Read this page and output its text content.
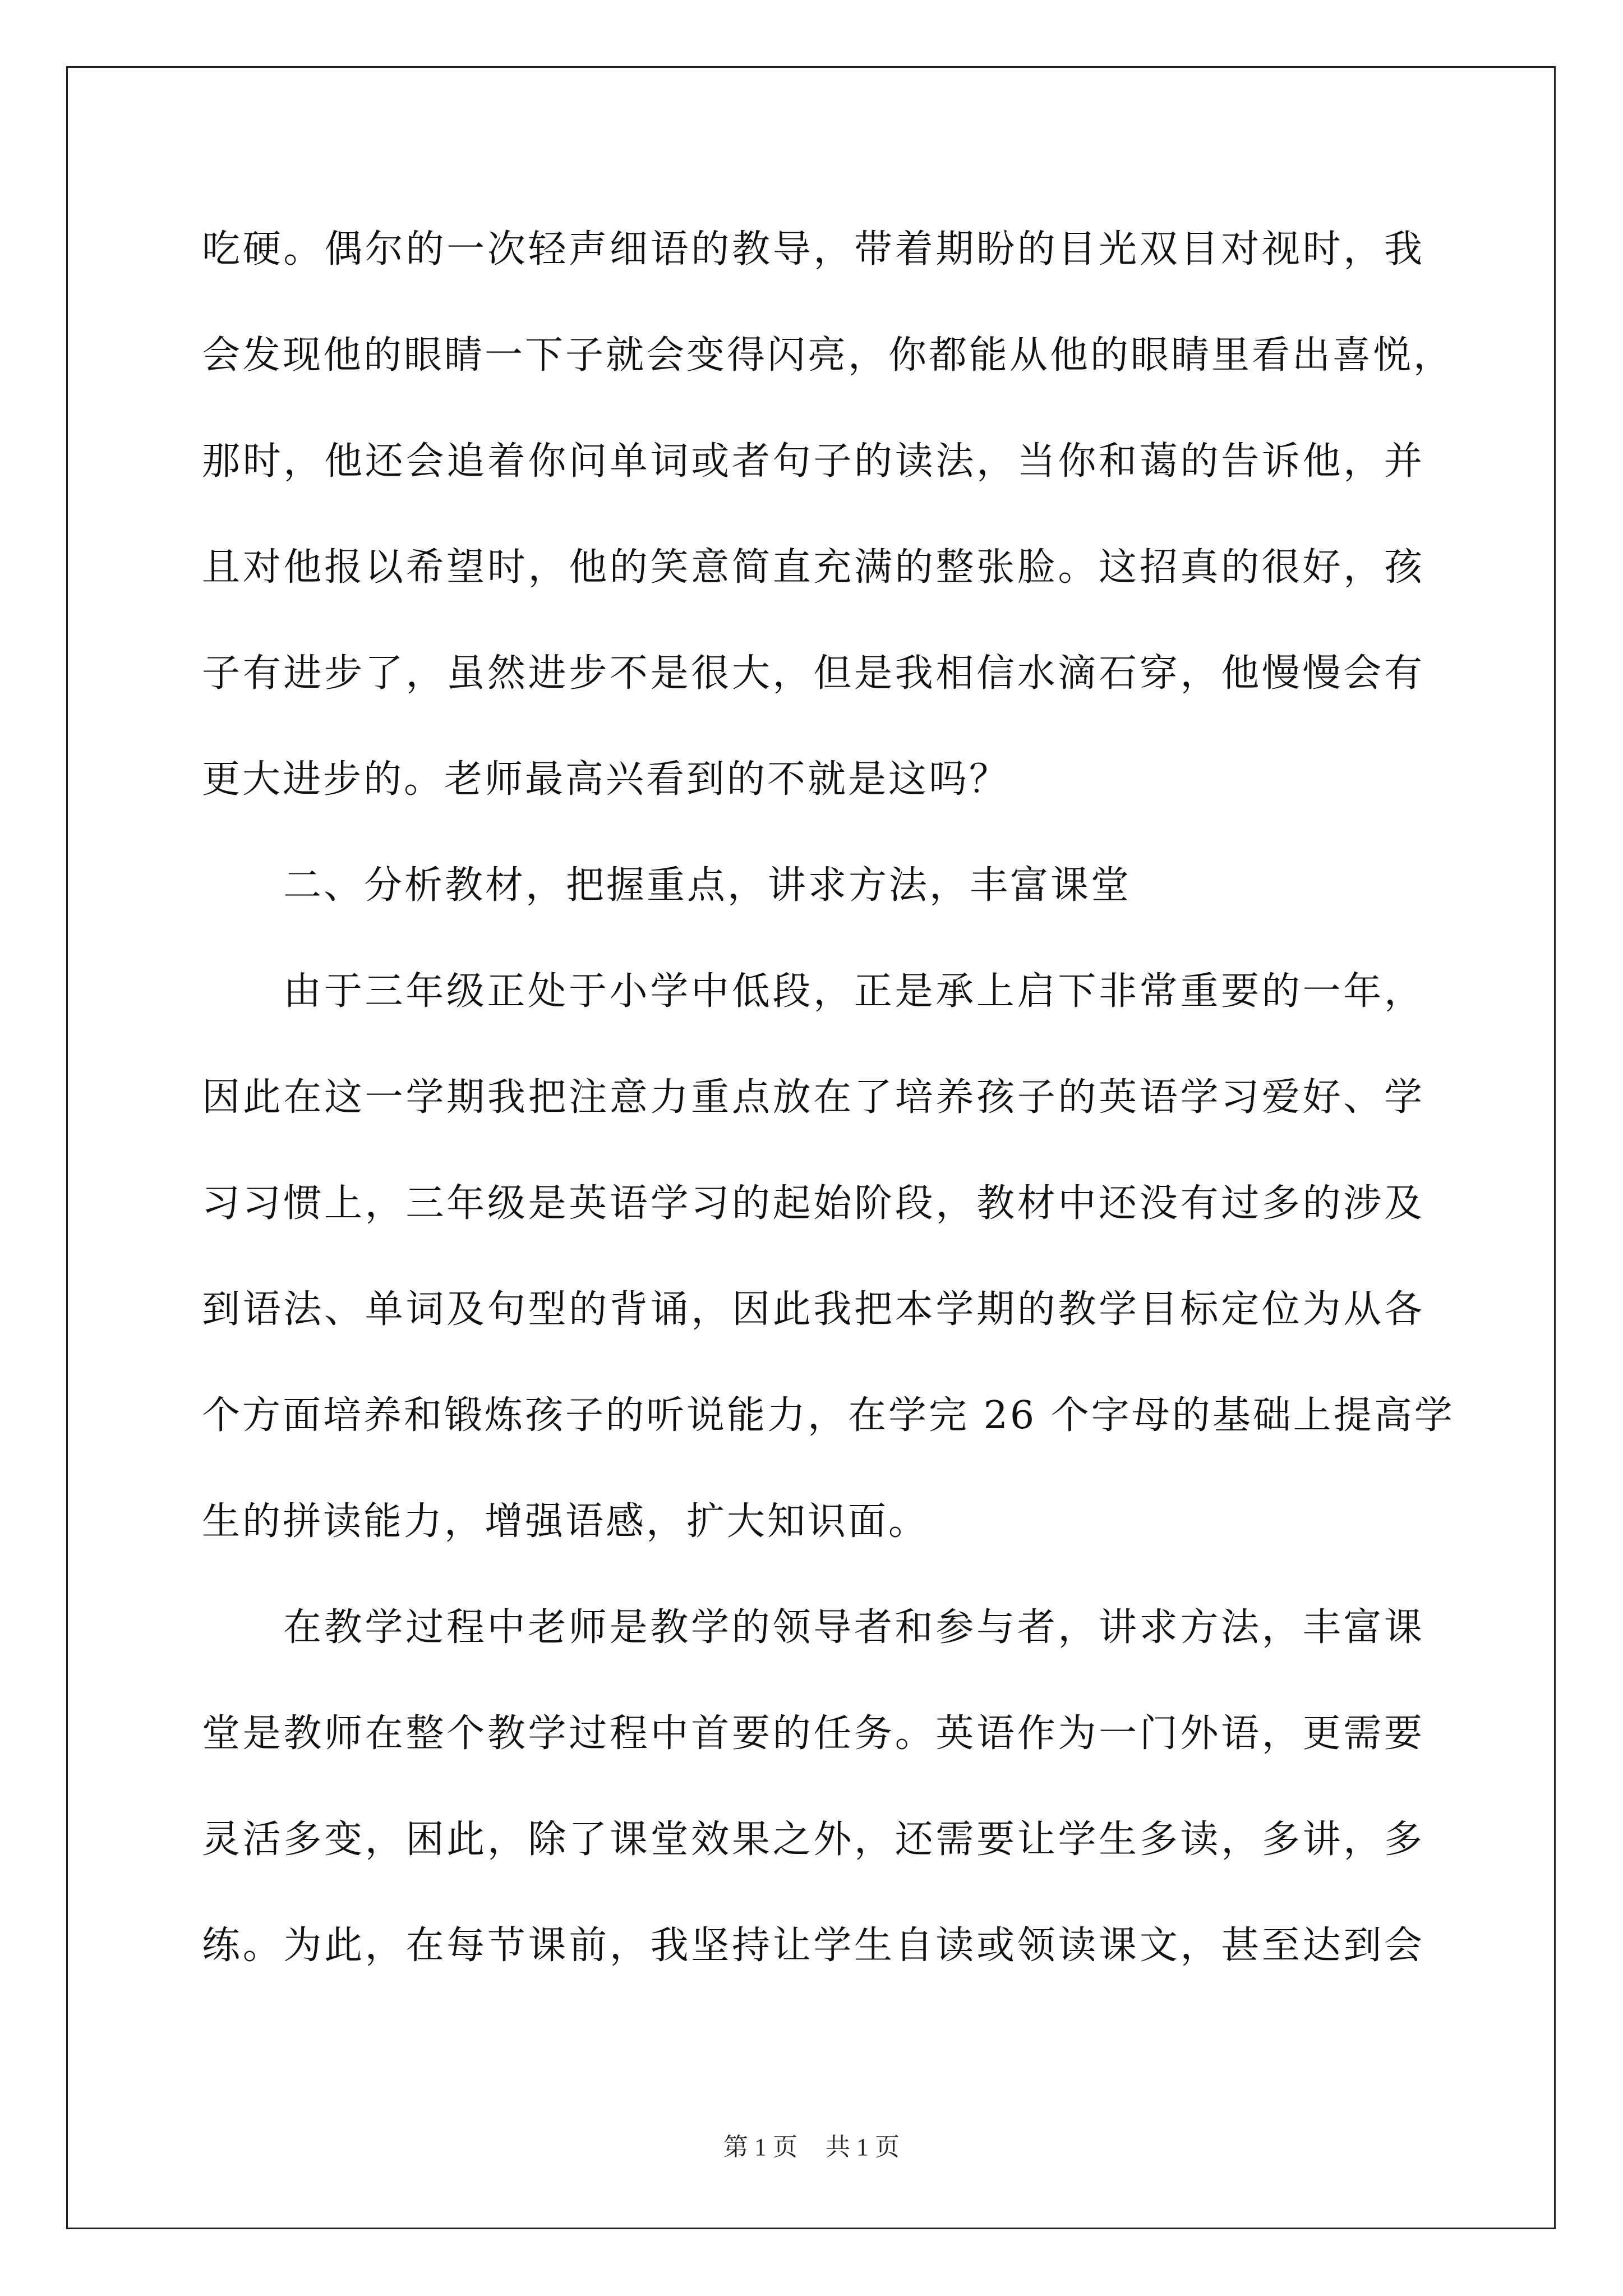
吃硬。偶尔的一次轻声细语的教导，带着期盼的目光双目对视时，我
会发现他的眼睛一下子就会变得闪亮，你都能从他的眼睛里看出喜悦，
那时，他还会追着你问单词或者句子的读法，当你和蔼的告诉他，并
且对他报以希望时，他的笑意简直充满的整张脸。这招真的很好，孩
子有进步了，虽然进步不是很大，但是我相信水滴石穿，他慢慢会有
更大进步的。老师最高兴看到的不就是这吗？
二、分析教材，把握重点，讲求方法，丰富课堂
由于三年级正处于小学中低段，正是承上启下非常重要的一年，
因此在这一学期我把注意力重点放在了培养孩子的英语学习爱好、学
习习惯上，三年级是英语学习的起始阶段，教材中还没有过多的涉及
到语法、单词及句型的背诵，因此我把本学期的教学目标定位为从各
个方面培养和锻炼孩子的听说能力，在学完 26 个字母的基础上提高学
生的拼读能力，增强语感，扩大知识面。
在教学过程中老师是教学的领导者和参与者，讲求方法，丰富课
堂是教师在整个教学过程中首要的任务。英语作为一门外语，更需要
灵活多变，困此，除了课堂效果之外，还需要让学生多读，多讲，多
练。为此，在每节课前，我坚持让学生自读或领读课文，甚至达到会
第 1 页 共 1 页
